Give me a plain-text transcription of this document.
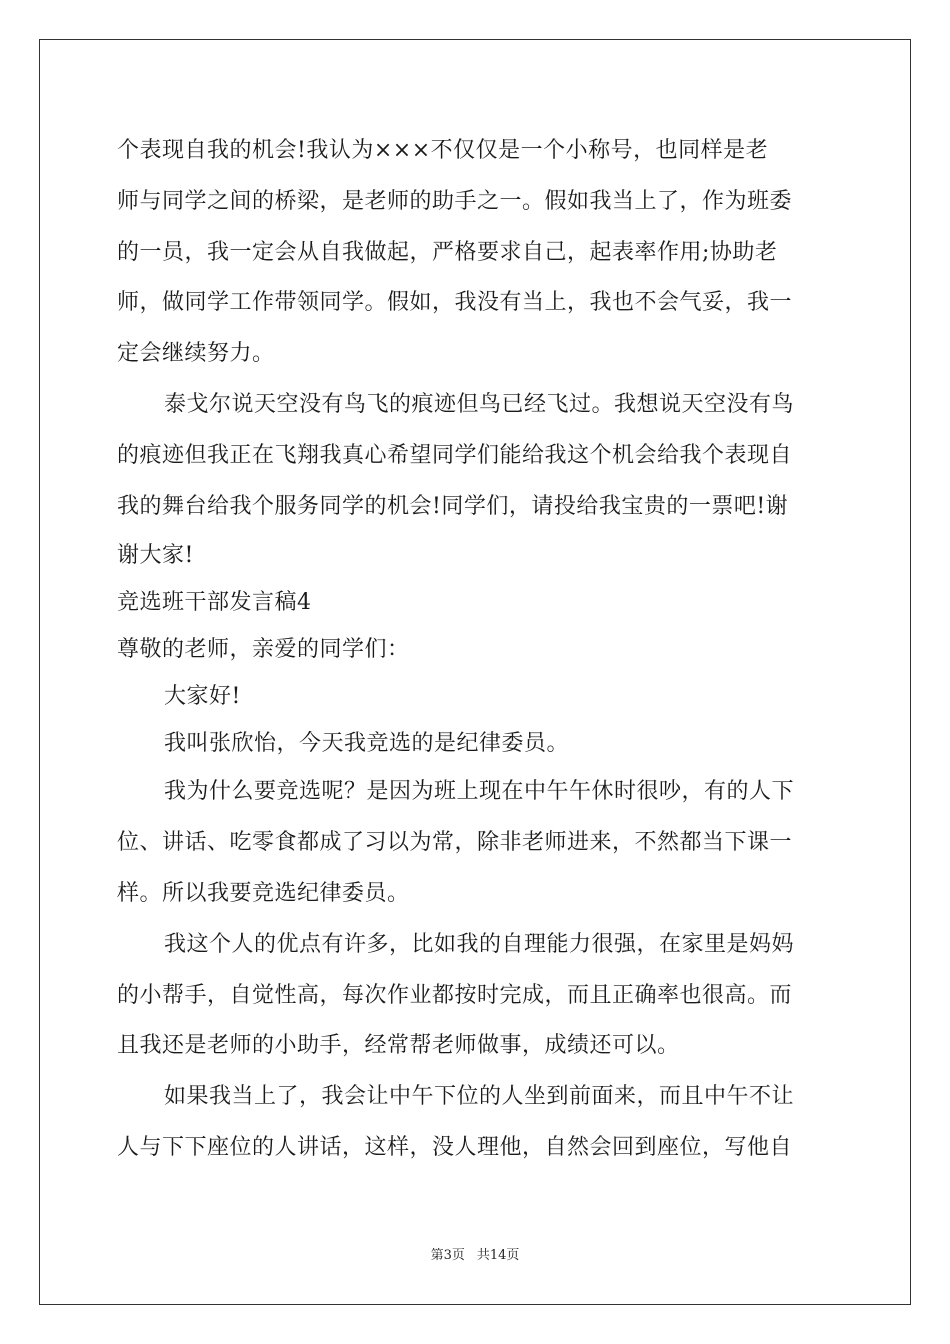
个表现自我的机会!我认为×××不仅仅是一个小称号，也同样是老
师与同学之间的桥梁，是老师的助手之一。假如我当上了，作为班委
的一员，我一定会从自我做起，严格要求自己，起表率作用;协助老
师，做同学工作带领同学。假如，我没有当上，我也不会气妥，我一
定会继续努力。
泰戈尔说天空没有鸟飞的痕迹但鸟已经飞过。我想说天空没有鸟
的痕迹但我正在飞翔我真心希望同学们能给我这个机会给我个表现自
我的舞台给我个服务同学的机会!同学们，请投给我宝贵的一票吧!谢
谢大家!
竞选班干部发言稿4
尊敬的老师，亲爱的同学们：
大家好!
我叫张欣怡，今天我竞选的是纪律委员。
我为什么要竞选呢？是因为班上现在中午午休时很吵，有的人下
位、讲话、吃零食都成了习以为常，除非老师进来，不然都当下课一
样。所以我要竞选纪律委员。
我这个人的优点有许多，比如我的自理能力很强，在家里是妈妈
的小帮手，自觉性高，每次作业都按时完成，而且正确率也很高。而
且我还是老师的小助手，经常帮老师做事，成绩还可以。
如果我当上了，我会让中午下位的人坐到前面来，而且中午不让
人与下下座位的人讲话，这样，没人理他，自然会回到座位，写他自
第3页 共14页
